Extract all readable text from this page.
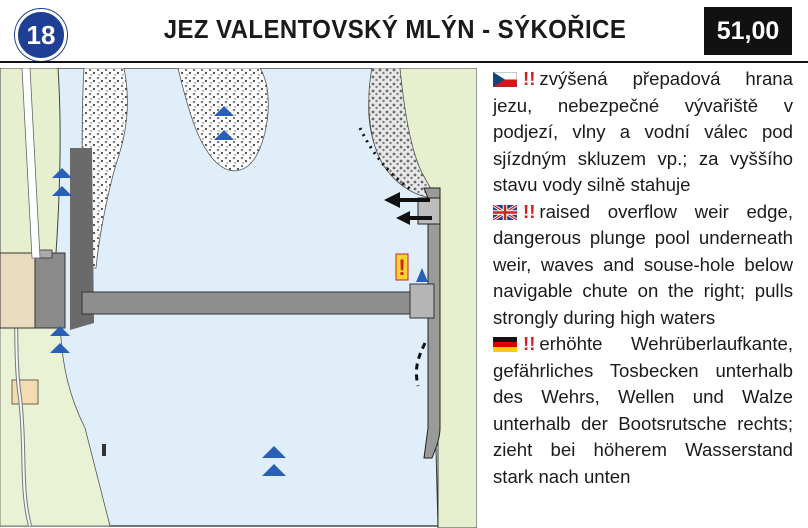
18	JEZ VALENTOVSKÝ MLÝN - SÝKOŘICE	51,00
!

!! zvýšená přepadová hrana jezu, nebezpečné vývařiště v podjezí, vlny a vodní válec pod sjízdným skluzem vp.; za vyššího stavu vody silně stahuje

!! raised overflow weir edge, dangerous plunge pool underneath weir, waves and souse-hole below navigable chute on the right; pulls strongly during high waters

!! erhöhte Wehrüberlaufkante, gefährliches Tosbecken unterhalb des Wehrs, Wellen und Walze unterhalb der Bootsrutsche rechts; zieht bei höherem Wasserstand stark nach unten
